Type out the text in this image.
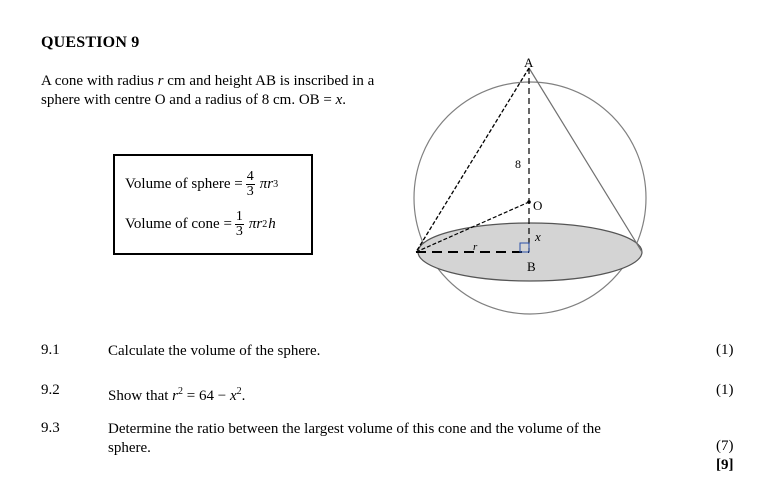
QUESTION 9
A cone with radius r cm and height AB is inscribed in a
sphere with centre O and a radius of 8 cm. OB = x.
Volume of sphere = $\frac{4}{3}$ πr 3
Volume of cone = $\frac{1}{3}$ πr 2 h
A
O
B
8
x
r
9.1	Calculate the volume of the sphere.	(1)
9.2	Show that $r^2 = 64 - x^2$.	(1)
9.3	Determine the ratio between the largest volume of this cone and the volume of the
sphere.	(7)
[9]
